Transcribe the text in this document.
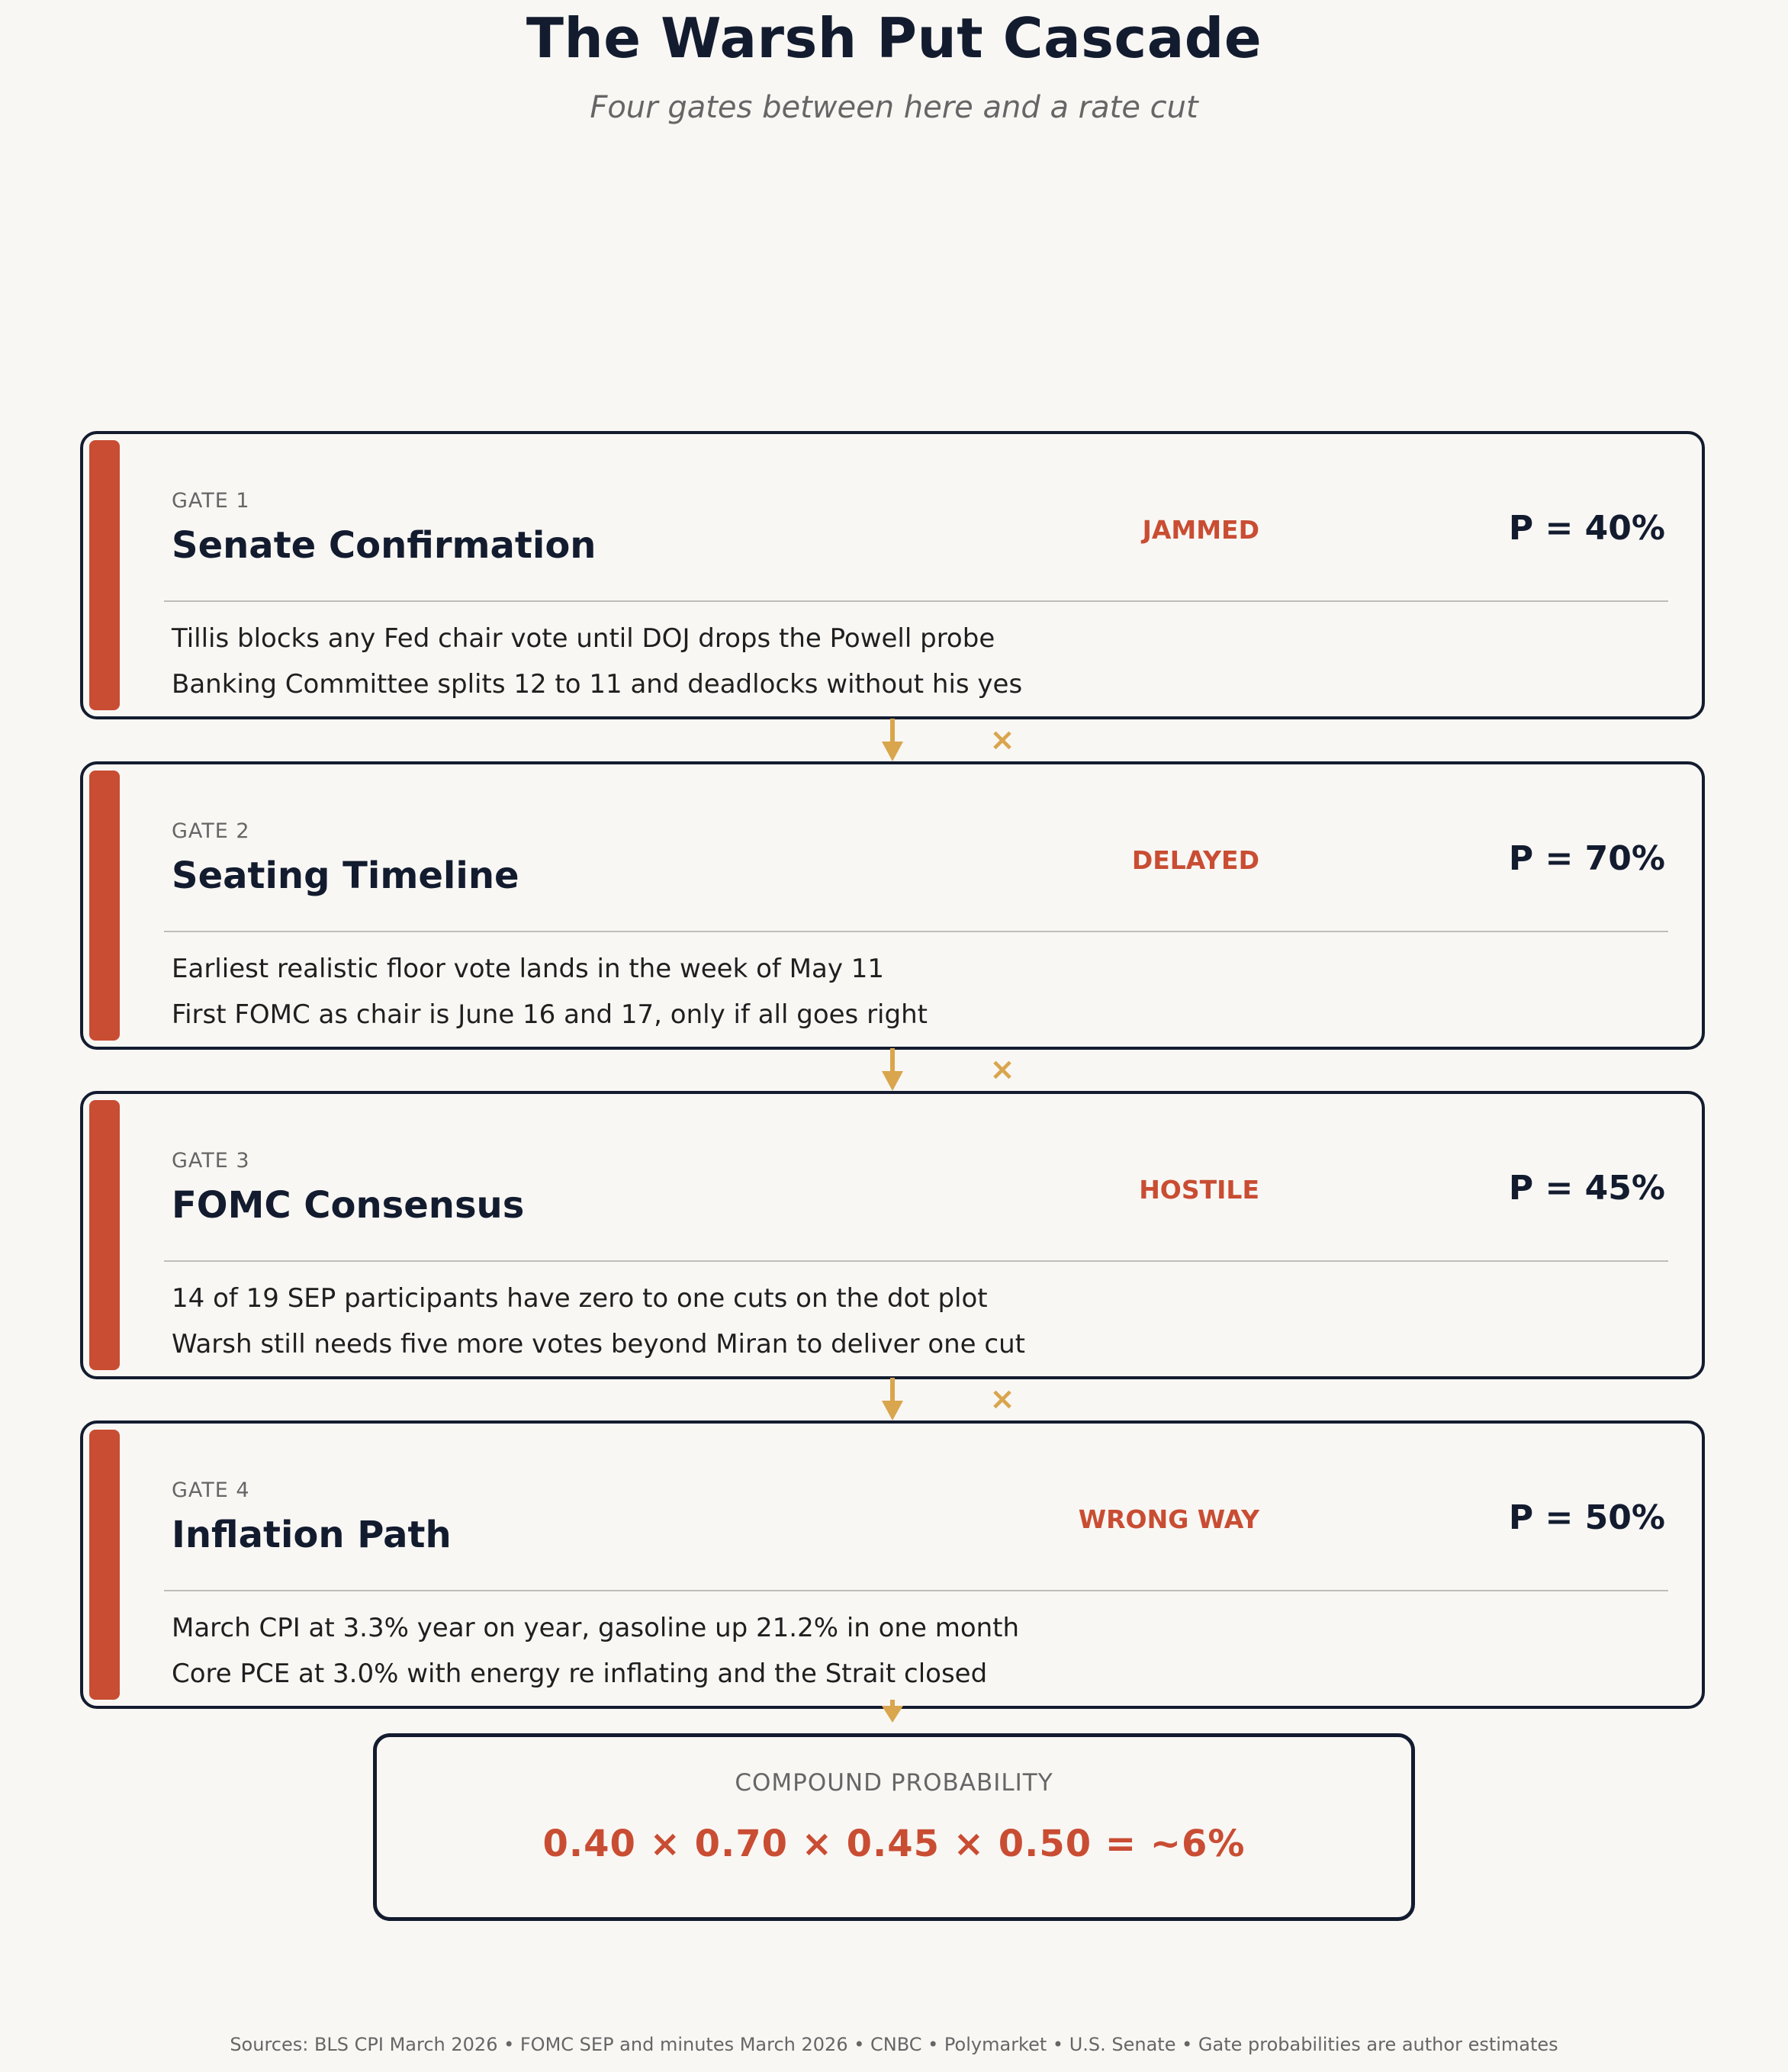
The Warsh Put Cascade
Four gates between here and a rate cut
GATE 1
Senate Confirmation	JAMMED	P = 40%
Tillis blocks any Fed chair vote until DOJ drops the Powell probe
Banking Committee splits 12 to 11 and deadlocks without his yes
×
GATE 2
Seating Timeline	DELAYED	P = 70%
Earliest realistic floor vote lands in the week of May 11
First FOMC as chair is June 16 and 17, only if all goes right
×
GATE 3
FOMC Consensus	HOSTILE	P = 45%
14 of 19 SEP participants have zero to one cuts on the dot plot
Warsh still needs five more votes beyond Miran to deliver one cut
×
GATE 4
Inflation Path	WRONG WAY	P = 50%
March CPI at 3.3% year on year, gasoline up 21.2% in one month
Core PCE at 3.0% with energy re inflating and the Strait closed
COMPOUND PROBABILITY
0.40 × 0.70 × 0.45 × 0.50 = ~6%
Sources: BLS CPI March 2026 • FOMC SEP and minutes March 2026 • CNBC • Polymarket • U.S. Senate • Gate probabilities are author estimates
